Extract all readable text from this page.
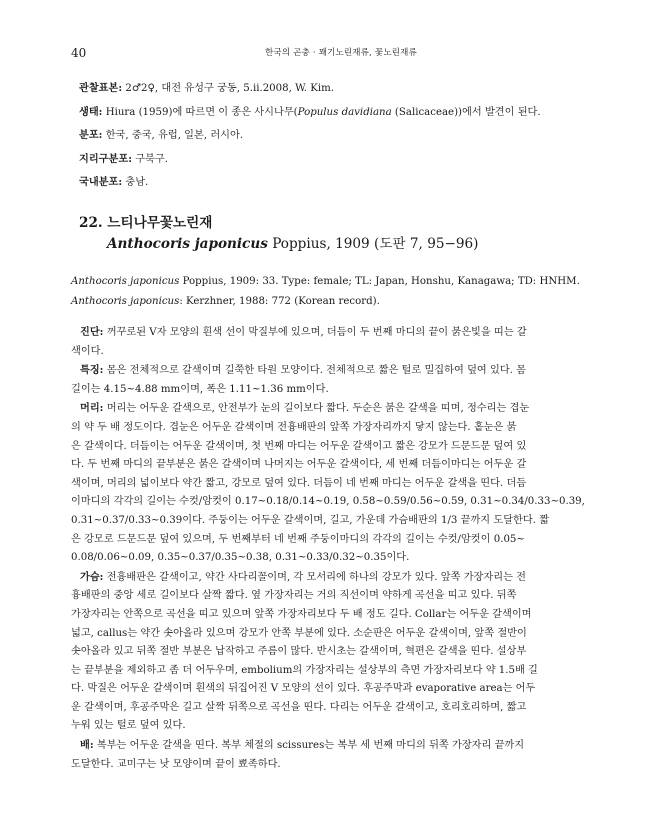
40	한국의 곤충 · 꽤기노린재류, 꽃노린재류
관찰표본: 2♂2♀, 대전 유성구 궁동, 5.ii.2008, W. Kim.
생태: Hiura (1959)에 따르면 이 종은 사시나무(Populus davidiana (Salicaceae))에서 발견이 된다.
분포: 한국, 중국, 유럽, 일본, 러시아.
지리구분포: 구북구.
국내분포: 충남.
22. 느티나무꽃노린재
Anthocoris japonicus Poppius, 1909 (도판 7, 95−96)
Anthocoris japonicus Poppius, 1909: 33. Type: female; TL: Japan, Honshu, Kanagawa; TD: HNHM.
Anthocoris japonicus: Kerzhner, 1988: 772 (Korean record).
진단: 꺼꾸로된 V자 모양의 흰색 선이 막질부에 있으며, 더듬이 두 번째 마디의 끝이 붉은빛을 띠는 갈
색이다.
특징: 몸은 전체적으로 갈색이며 길쭉한 타원 모양이다. 전체적으로 짧은 털로 밀집하여 덮여 있다. 몸
길이는 4.15~4.88 mm이며, 폭은 1.11~1.36 mm이다.
머리: 머리는 어두운 갈색으로, 안전부가 눈의 길이보다 짧다. 두순은 붉은 갈색을 띠며, 정수리는 겹눈
의 약 두 배 정도이다. 겹눈은 어두운 갈색이며 전흉배판의 앞쪽 가장자리까지 닿지 않는다. 홑눈은 붉
은 갈색이다. 더듬이는 어두운 갈색이며, 첫 번째 마디는 어두운 갈색이고 짧은 강모가 드문드문 덮여 있
다. 두 번째 마디의 끝부분은 붉은 갈색이며 나머지는 어두운 갈색이다, 세 번째 더듬이마디는 어두운 갈
색이며, 머리의 넓이보다 약간 짧고, 강모로 덮여 있다. 더듬이 네 번째 마디는 어두운 갈색을 띤다. 더듬
이마디의 각각의 길이는 수컷/암컷이 0.17~0.18/0.14~0.19, 0.58~0.59/0.56~0.59, 0.31~0.34/0.33~0.39,
0.31~0.37/0.33~0.39이다. 주둥이는 어두운 갈색이며, 길고, 가운데 가슴배판의 1/3 끝까지 도달한다. 짧
은 강모로 드문드문 덮여 있으며, 두 번째부터 네 번째 주둥이마디의 각각의 길이는 수컷/암컷이 0.05~
0.08/0.06~0.09, 0.35~0.37/0.35~0.38, 0.31~0.33/0.32~0.35이다.
가슴: 전흉배판은 갈색이고, 약간 사다리꼴이며, 각 모서리에 하나의 강모가 있다. 앞쪽 가장자리는 전
흉배판의 중앙 세로 길이보다 살짝 짧다. 옆 가장자리는 거의 직선이며 약하게 곡선을 띠고 있다. 뒤쪽
가장자리는 안쪽으로 곡선을 띠고 있으며 앞쪽 가장자리보다 두 배 정도 길다. Collar는 어두운 갈색이며
넓고, callus는 약간 솟아올라 있으며 강모가 안쪽 부분에 있다. 소순판은 어두운 갈색이며, 앞쪽 절반이
솟아올라 있고 뒤쪽 절반 부분은 납작하고 주름이 많다. 반시초는 갈색이며, 혁편은 갈색을 띤다. 설상부
는 끝부분을 제외하고 좀 더 어두우며, embolium의 가장자리는 설상부의 측면 가장자리보다 약 1.5배 길
다. 막질은 어두운 갈색이며 흰색의 뒤집어진 V 모양의 선이 있다. 후공주막과 evaporative area는 어두
운 갈색이며, 후공주막은 길고 살짝 뒤쪽으로 곡선을 띤다. 다리는 어두운 갈색이고, 호리호리하며, 짧고
누워 있는 털로 덮여 있다.
배: 복부는 어두운 갈색을 띤다. 복부 체절의 scissures는 복부 세 번째 마디의 뒤쪽 가장자리 끝까지
도달한다. 교미구는 낫 모양이며 끝이 뾰족하다.
